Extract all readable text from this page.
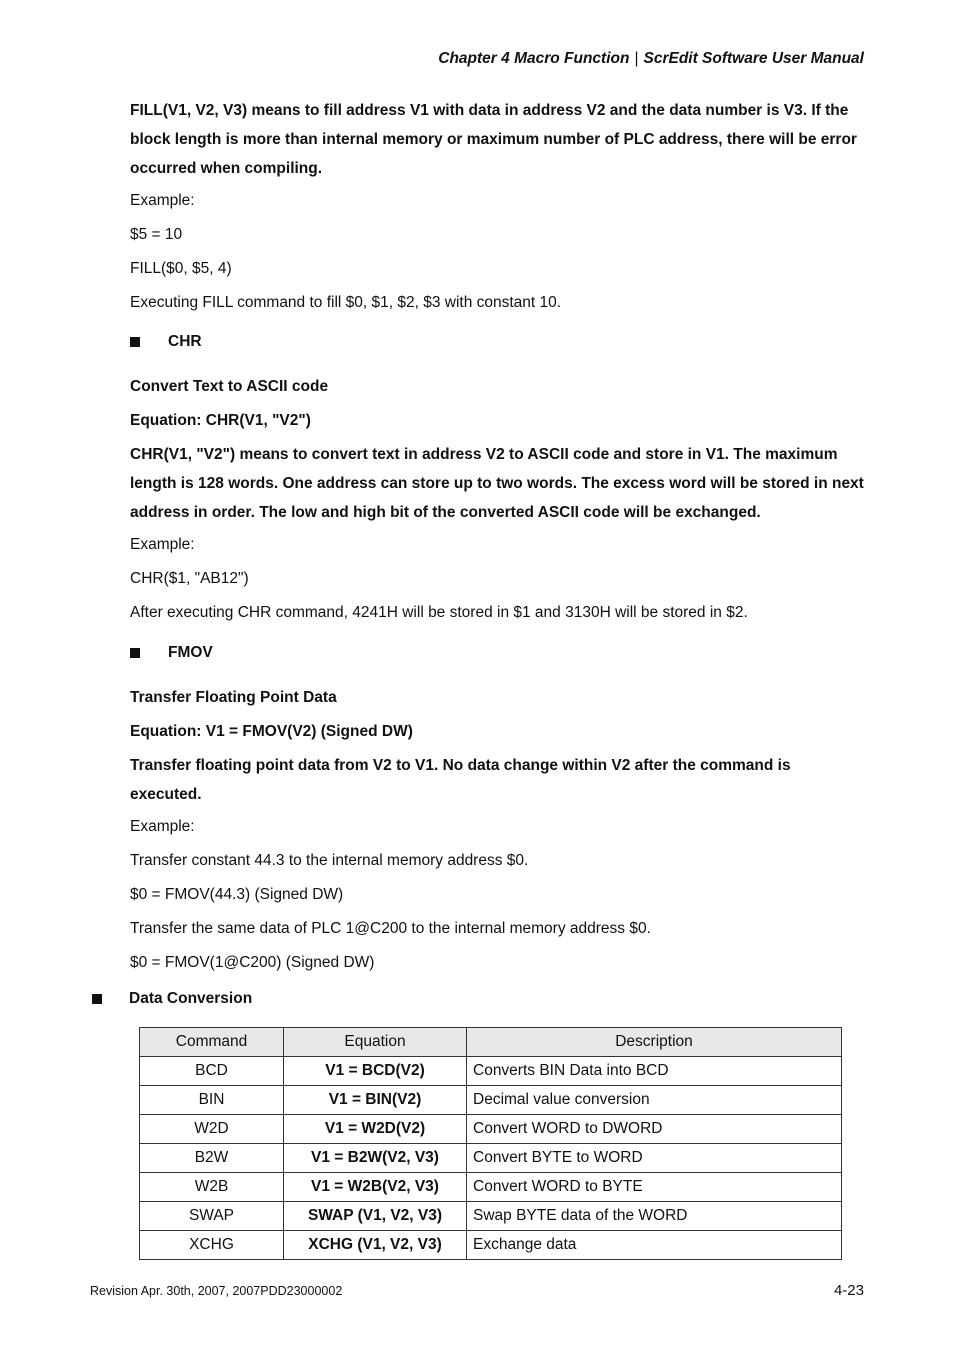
Chapter 4 Macro Function | ScrEdit Software User Manual

FILL(V1, V2, V3) means to fill address V1 with data in address V2 and the data number is V3. If the block length is more than internal memory or maximum number of PLC address, there will be error occurred when compiling.

Example:

$5 = 10

FILL($0, $5, 4)

Executing FILL command to fill $0, $1, $2, $3 with constant 10.

CHR

Convert Text to ASCII code

Equation: CHR(V1, "V2")

CHR(V1, "V2") means to convert text in address V2 to ASCII code and store in V1. The maximum length is 128 words. One address can store up to two words. The excess word will be stored in next address in order. The low and high bit of the converted ASCII code will be exchanged.

Example:

CHR($1, "AB12")

After executing CHR command, 4241H will be stored in $1 and 3130H will be stored in $2.

FMOV

Transfer Floating Point Data

Equation: V1 = FMOV(V2) (Signed DW)

Transfer floating point data from V2 to V1. No data change within V2 after the command is executed.

Example:

Transfer constant 44.3 to the internal memory address $0.

$0 = FMOV(44.3) (Signed DW)

Transfer the same data of PLC 1@C200 to the internal memory address $0.

$0 = FMOV(1@C200) (Signed DW)

Data Conversion
Command	Equation	Description
BCD	V1 = BCD(V2)	Converts BIN Data into BCD
BIN	V1 = BIN(V2)	Decimal value conversion
W2D	V1 = W2D(V2)	Convert WORD to DWORD
B2W	V1 = B2W(V2, V3)	Convert BYTE to WORD
W2B	V1 = W2B(V2, V3)	Convert WORD to BYTE
SWAP	SWAP (V1, V2, V3)	Swap BYTE data of the WORD
XCHG	XCHG (V1, V2, V3)	Exchange data
Revision Apr. 30th, 2007, 2007PDD23000002	4-23
